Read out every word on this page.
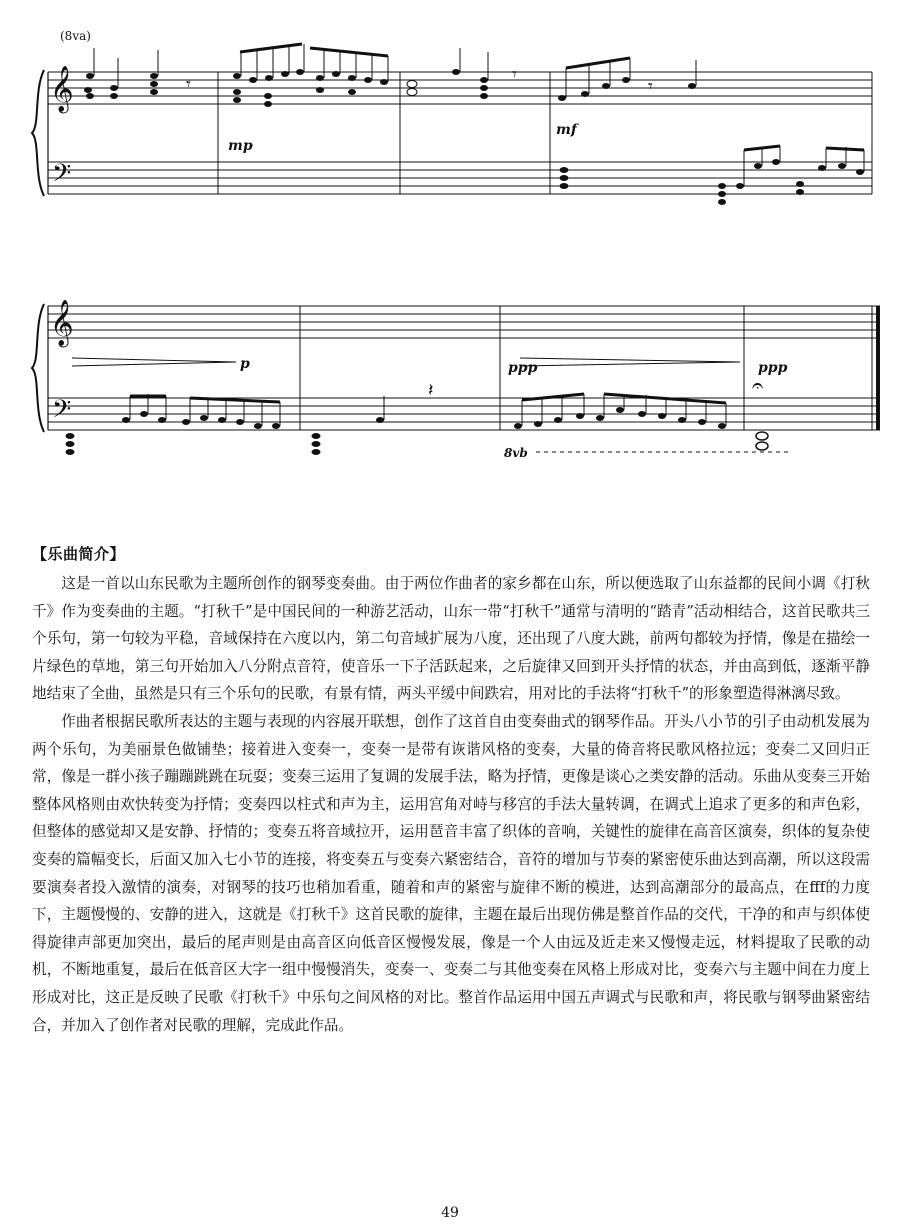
𝄞
𝄢
𝄾	𝄾
𝄾
𝄞
𝄢
𝄽	𝄐
(8va)
mp
mf
p	ppp	ppp
8vb
【乐曲简介】

这是一首以山东民歌为主题所创作的钢琴变奏曲。由于两位作曲者的家乡都在山东，所以便选取了山东益都的民间小调《打秋千》作为变奏曲的主题。“打秋千”是中国民间的一种游艺活动，山东一带“打秋千”通常与清明的“踏青”活动相结合，这首民歌共三个乐句，第一句较为平稳，音域保持在六度以内，第二句音域扩展为八度，还出现了八度大跳，前两句都较为抒情，像是在描绘一片绿色的草地，第三句开始加入八分附点音符，使音乐一下子活跃起来，之后旋律又回到开头抒情的状态，并由高到低，逐渐平静地结束了全曲，虽然是只有三个乐句的民歌，有景有情，两头平缓中间跌宕，用对比的手法将“打秋千”的形象塑造得淋漓尽致。

作曲者根据民歌所表达的主题与表现的内容展开联想，创作了这首自由变奏曲式的钢琴作品。开头八小节的引子由动机发展为两个乐句，为美丽景色做铺垫；接着进入变奏一，变奏一是带有诙谐风格的变奏，大量的倚音将民歌风格拉远；变奏二又回归正常，像是一群小孩子蹦蹦跳跳在玩耍；变奏三运用了复调的发展手法，略为抒情，更像是谈心之类安静的活动。乐曲从变奏三开始整体风格则由欢快转变为抒情；变奏四以柱式和声为主，运用宫角对峙与移宫的手法大量转调，在调式上追求了更多的和声色彩，但整体的感觉却又是安静、抒情的；变奏五将音域拉开，运用琶音丰富了织体的音响，关键性的旋律在高音区演奏，织体的复杂使变奏的篇幅变长，后面又加入七小节的连接，将变奏五与变奏六紧密结合，音符的增加与节奏的紧密使乐曲达到高潮，所以这段需要演奏者投入激情的演奏，对钢琴的技巧也稍加看重，随着和声的紧密与旋律不断的模进，达到高潮部分的最高点，在fff的力度下，主题慢慢的、安静的进入，这就是《打秋千》这首民歌的旋律，主题在最后出现仿佛是整首作品的交代，干净的和声与织体使得旋律声部更加突出，最后的尾声则是由高音区向低音区慢慢发展，像是一个人由远及近走来又慢慢走远，材料提取了民歌的动机，不断地重复，最后在低音区大字一组中慢慢消失，变奏一、变奏二与其他变奏在风格上形成对比，变奏六与主题中间在力度上形成对比，这正是反映了民歌《打秋千》中乐句之间风格的对比。整首作品运用中国五声调式与民歌和声，将民歌与钢琴曲紧密结合，并加入了创作者对民歌的理解，完成此作品。

49
